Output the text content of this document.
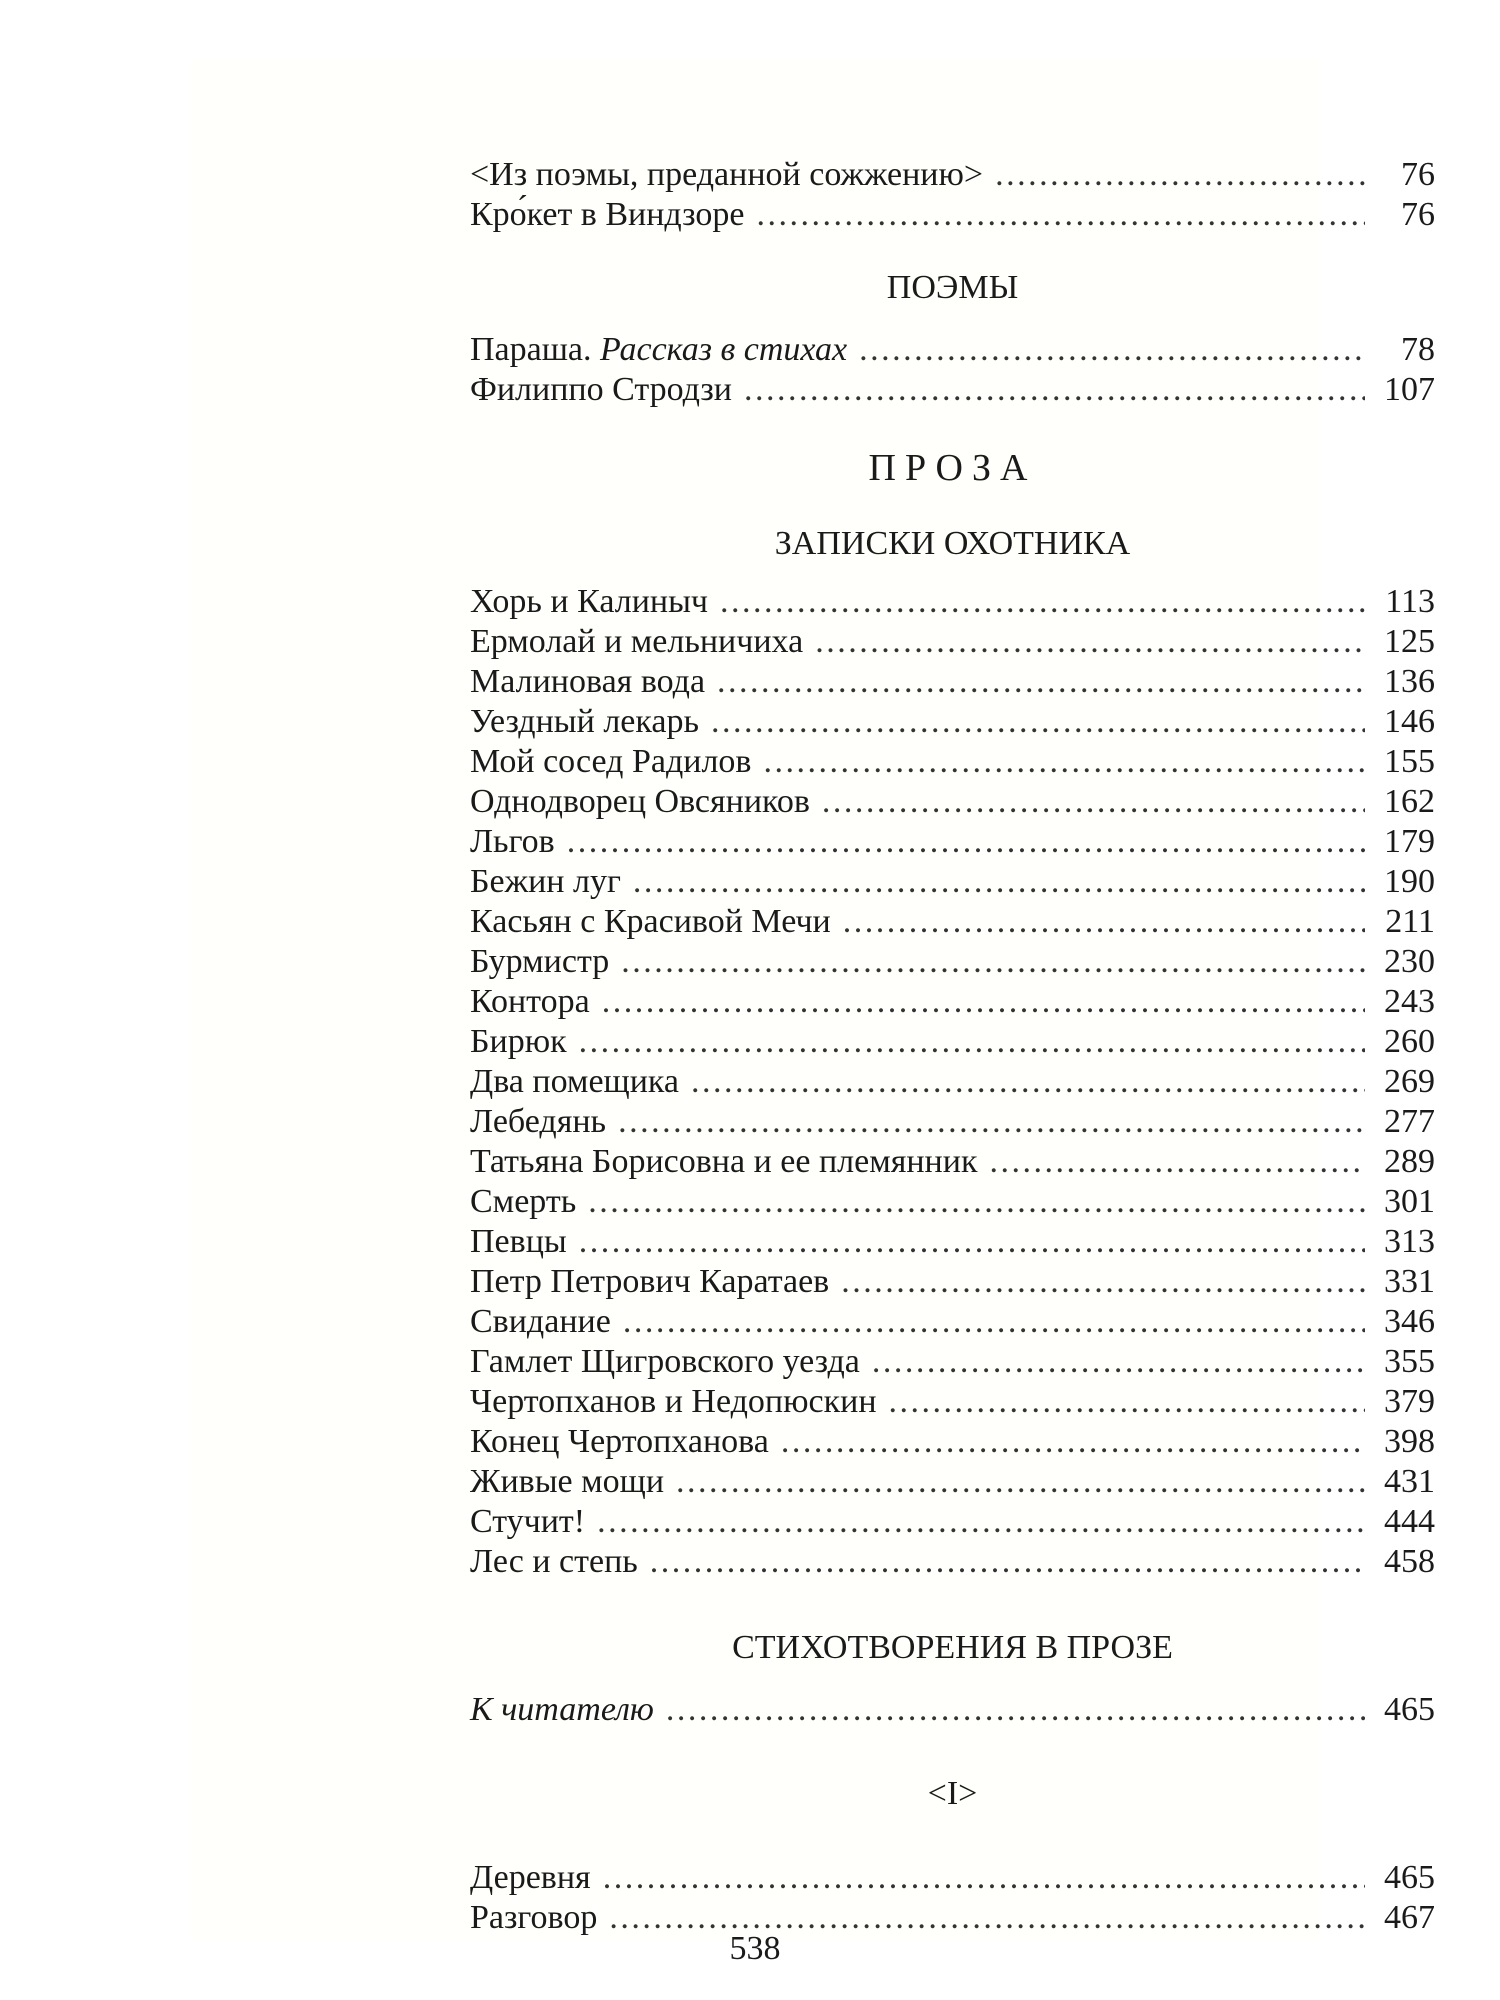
<Из поэмы, преданной сожжению> . . .	76
Кро́кет в Виндзоре . . .	76
ПОЭМЫ
Параша. Рассказ в стихах . . .	78
Филиппо Стродзи . . .	107
ПРОЗА
ЗАПИСКИ ОХОТНИКА
Хорь и Калиныч . . .	113
Ермолай и мельничиха . . .	125
Малиновая вода . . .	136
Уездный лекарь . . .	146
Мой сосед Радилов . . .	155
Однодворец Овсяников . . .	162
Льгов . . .	179
Бежин луг . . .	190
Касьян с Красивой Мечи . . .	211
Бурмистр . . .	230
Контора . . .	243
Бирюк . . .	260
Два помещика . . .	269
Лебедянь . . .	277
Татьяна Борисовна и ее племянник . . .	289
Смерть . . .	301
Певцы . . .	313
Петр Петрович Каратаев . . .	331
Свидание . . .	346
Гамлет Щигровского уезда . . .	355
Чертопханов и Недопюскин . . .	379
Конец Чертопханова . . .	398
Живые мощи . . .	431
Стучит! . . .	444
Лес и степь . . .	458
СТИХОТВОРЕНИЯ В ПРОЗЕ
К читателю . . .	465
<I>
Деревня . . .	465
Разговор . . .	467
538
